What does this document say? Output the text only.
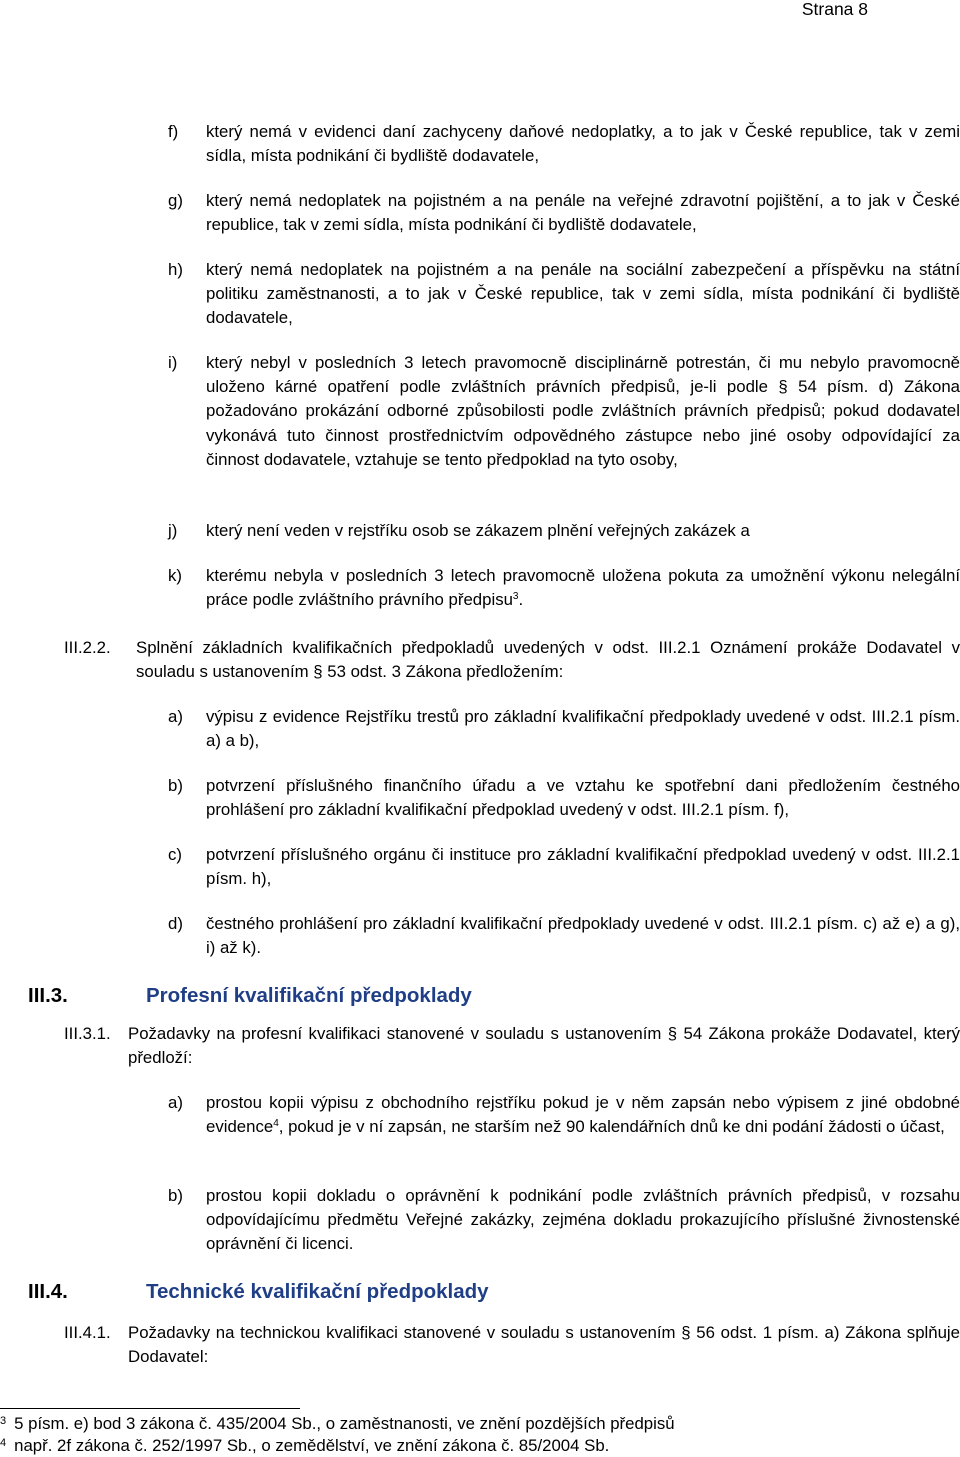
Strana 8
f) který nemá v evidenci daní zachyceny daňové nedoplatky, a to jak v České republice, tak v zemi sídla, místa podnikání či bydliště dodavatele,
g) který nemá nedoplatek na pojistném a na penále na veřejné zdravotní pojištění, a to jak v České republice, tak v zemi sídla, místa podnikání či bydliště dodavatele,
h) který nemá nedoplatek na pojistném a na penále na sociální zabezpečení a příspěvku na státní politiku zaměstnanosti, a to jak v České republice, tak v zemi sídla, místa podnikání či bydliště dodavatele,
i) který nebyl v posledních 3 letech pravomocně disciplinárně potrestán, či mu nebylo pravomocně uloženo kárné opatření podle zvláštních právních předpisů, je-li podle § 54 písm. d) Zákona požadováno prokázání odborné způsobilosti podle zvláštních právních předpisů; pokud dodavatel vykonává tuto činnost prostřednictvím odpovědného zástupce nebo jiné osoby odpovídající za činnost dodavatele, vztahuje se tento předpoklad na tyto osoby,
j) který není veden v rejstříku osob se zákazem plnění veřejných zakázek a
k) kterému nebyla v posledních 3 letech pravomocně uložena pokuta za umožnění výkonu nelegální práce podle zvláštního právního předpisu$^3$.
III.2.2. Splnění základních kvalifikačních předpokladů uvedených v odst. III.2.1 Oznámení prokáže Dodavatel v souladu s ustanovením § 53 odst. 3 Zákona předložením:
a) výpisu z evidence Rejstříku trestů pro základní kvalifikační předpoklady uvedené v odst. III.2.1 písm. a) a b),
b) potvrzení příslušného finančního úřadu a ve vztahu ke spotřební dani předložením čestného prohlášení pro základní kvalifikační předpoklad uvedený v odst. III.2.1 písm. f),
c) potvrzení příslušného orgánu či instituce pro základní kvalifikační předpoklad uvedený v odst. III.2.1 písm. h),
d) čestného prohlášení pro základní kvalifikační předpoklady uvedené v odst. III.2.1 písm. c) až e) a g), i) až k).
III.3.	Profesní kvalifikační předpoklady
III.3.1. Požadavky na profesní kvalifikaci stanovené v souladu s ustanovením § 54 Zákona prokáže Dodavatel, který předloží:
a) prostou kopii výpisu z obchodního rejstříku pokud je v něm zapsán nebo výpisem z jiné obdobné evidence$^4$, pokud je v ní zapsán, ne starším než 90 kalendářních dnů ke dni podání žádosti o účast,
b) prostou kopii dokladu o oprávnění k podnikání podle zvláštních právních předpisů, v rozsahu odpovídajícímu předmětu Veřejné zakázky, zejména dokladu prokazujícího příslušné živnostenské oprávnění či licenci.
III.4.	Technické kvalifikační předpoklady
III.4.1. Požadavky na technickou kvalifikaci stanovené v souladu s ustanovením § 56 odst. 1 písm. a) Zákona splňuje Dodavatel:
$^3$ 5 písm. e) bod 3 zákona č. 435/2004 Sb., o zaměstnanosti, ve znění pozdějších předpisů
$^4$ např. 2f zákona č. 252/1997 Sb., o zemědělství, ve znění zákona č. 85/2004 Sb.
